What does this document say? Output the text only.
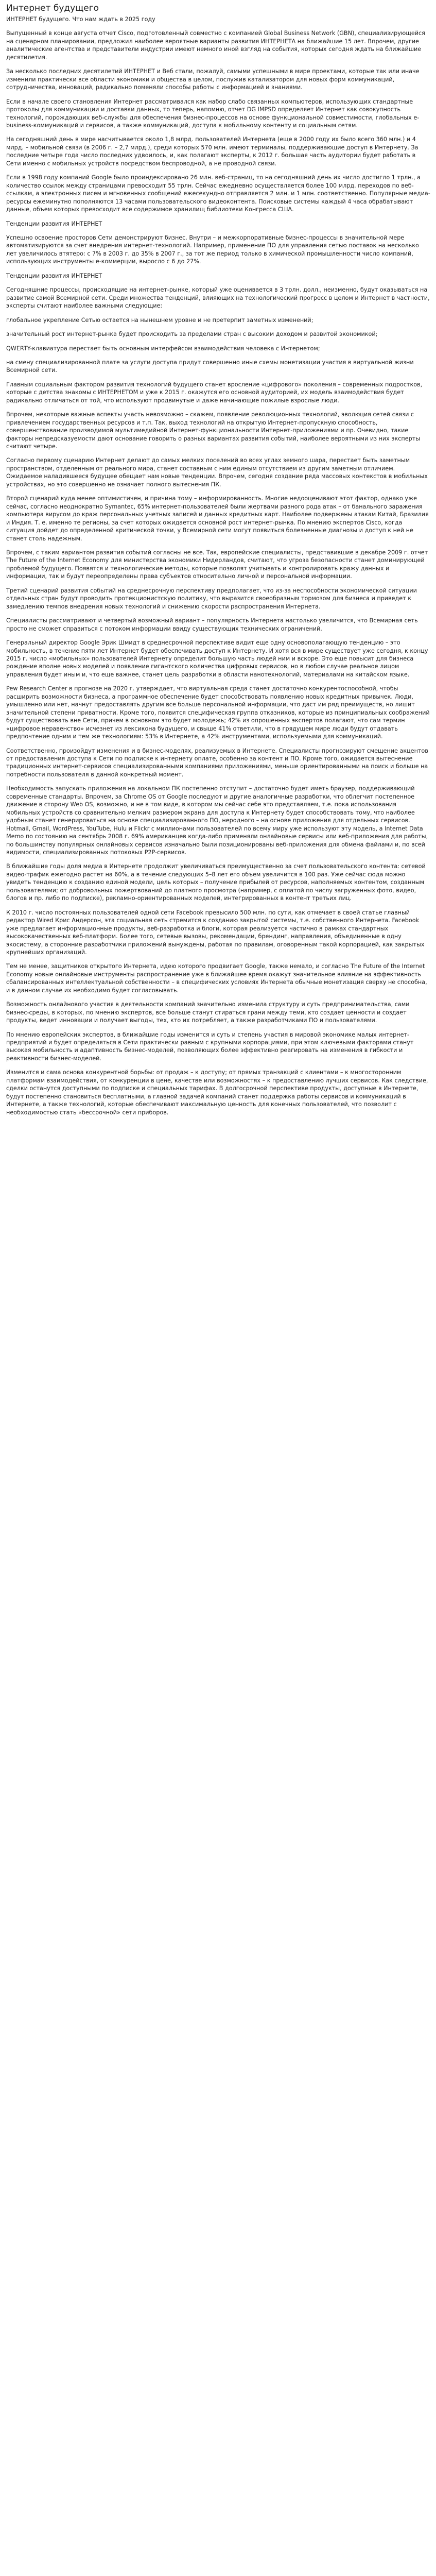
Интернет будущего

ИНТЕРНЕТ будущего. Что нам ждать в 2025 году

Выпущенный в конце августа отчет Cisco, подготовленный совместно с компанией Global Business Network (GBN), специализирующейся на сценарном планировании, предложил наиболее вероятные варианты развития ИНТЕРНЕТА на ближайшие 15 лет. Впрочем, другие аналитические агентства и представители индустрии имеют немного иной взгляд на события, которых сегодня ждать на ближайшие десятилетия.

За несколько последних десятилетий ИНТЕРНЕТ и Веб стали, пожалуй, самыми успешными в мире проектами, которые так или иначе изменили практически все области экономики и общества в целом, послужив катализатором для новых форм коммуникаций, сотрудничества, инноваций, радикально поменяли способы работы с информацией и знаниями.

Если в начале своего становления Интернет рассматривался как набор слабо связанных компьютеров, использующих стандартные протоколы для коммуникации и доставки данных, то теперь, напомню, отчет DG IMPSD определяет Интернет как совокупность технологий, порождающих веб-службы для обеспечения бизнес-процессов на основе функциональной совместимости, глобальных e-business-коммуникаций и сервисов, а также коммуникаций, доступа к мобильному контенту и социальным сетям.

На сегодняшний день в мире насчитывается около 1,8 млрд. пользователей Интернета (еще в 2000 году их было всего 360 млн.) и 4 млрд. – мобильной связи (в 2006 г. – 2,7 млрд.), среди которых 570 млн. имеют терминалы, поддерживающие доступ в Интернету. За последние четыре года число последних удвоилось, и, как полагают эксперты, к 2012 г. большая часть аудитории будет работать в Сети именно с мобильных устройств посредством беспроводной, а не проводной связи.

Если в 1998 году компаний Google было проиндексировано 26 млн. веб-страниц, то на сегодняшний день их число достигло 1 трлн., а количество ссылок между страницами превосходит 55 трлн. Сейчас ежедневно осуществляется более 100 млрд. переходов по веб-ссылкам, а электронных писем и мгновенных сообщений ежесекундно отправляется 2 млн. и 1 млн. соответственно. Популярные медиа-ресурсы ежеминутно пополняются 13 часами пользовательского видеоконтента. Поисковые системы каждый 4 часа обрабатывают данные, объем которых превосходит все содержимое хранилищ библиотеки Конгресса США.

Тенденции развития ИНТЕРНЕТ

Успешно освоение просторов Сети демонстрируют бизнес. Внутри – и межкорпоративные бизнес-процессы в значительной мере автоматизируются за счет внедрения интернет-технологий. Например, применение ПО для управления сетью поставок на несколько лет увеличилось втятеро: с 7% в 2003 г. до 35% в 2007 г., за тот же период только в химической промышленности число компаний, использующих инструменты e-коммерции, выросло с 6 до 27%.

Тенденции развития ИНТЕРНЕТ

Сегодняшние процессы, происходящие на интернет-рынке, который уже оценивается в 3 трлн. долл., неизменно, будут оказываться на развитие самой Всемирной сети. Среди множества тенденций, влияющих на технологический прогресс в целом и Интернет в частности, эксперты считают наиболее важными следующие:

глобальное укрепление Сетью остается на нынешнем уровне и не претерпит заметных изменений;

значительный рост интернет-рынка будет происходить за пределами стран с высоким доходом и развитой экономикой;

QWERTY-клавиатура перестает быть основным интерфейсом взаимодействия человека с Интернетом;

на смену специализированной плате за услуги доступа придут совершенно иные схемы монетизации участия в виртуальной жизни Всемирной сети.

Главным социальным фактором развития технологий будущего станет вpосление «цифрового» поколения – современных подростков, которые с детства знакомы с ИНТЕРНЕТОМ и уже к 2015 г. окажутся его основной аудиторией, их модель взаимодействия будет радикально отличаться от той, что используют продвинутые и даже начинающие пожилые взрослые люди.

Впрочем, некоторые важные аспекты участь невозможно – скажем, появление революционных технологий, эволюция сетей связи с привлечением государственных ресурсов и т.п. Так, выход технологий на открытую Интернет-пропускную способность, совершенствование производимой мультимедийной Интернет-функциональности Интернет-приложениями и пр. Очевидно, такие факторы непредсказуемости дают основание говорить о разных вариантах развития событий, наиболее вероятными из них эксперты считают четыре.

Согласно первому сценарию Интернет делают до самых мелких поселений во всех углах земного шара, перестает быть заметным пространством, отделенным от реального мира, станет составным с ним единым отсутствием из другим заметным отличием. Ожидаемое наладившееся будущее обещает нам новые тенденции. Впрочем, сегодня создание ряда массовых контекстов в мобильных устройствах, но это совершенно не означает полного вытеснения ПК.

Второй сценарий куда менее оптимистичен, и причина тому – информированность. Многие недооценивают этот фактор, однако уже сейчас, согласно неоднократно Symantec, 65% интернет-пользователей были жертвами разного рода атак – от банального заражения компьютера вирусом до краж персональных учетных записей и данных кредитных карт. Наиболее подвержены атакам Китай, Бразилия и Индия. Т. е. именно те регионы, за счет которых ожидается основной рост интернет-рынка. По мнению экспертов Cisco, когда ситуация дойдет до определенной критической точки, у Всемирной сети могут появиться болезненные диагнозы и доступ к ней не станет столь надежным.

Впрочем, с таким вариантом развития событий согласны не все. Так, европейские специалисты, представившие в декабре 2009 г. отчет The Future of the Internet Economy для министерства экономики Нидерландов, считают, что угроза безопасности станет доминирующей проблемой будущего. Появятся и технологические методы, которые позволят учитывать и контролировать кражу данных и информации, так и будут переопределены права субъектов относительно личной и персональной информации.

Третий сценарий развития событий на среднесрочную перспективу предполагает, что из-за неспособности экономической ситуации отдельных стран будут проводить протекционистскую политику, что выразится своеобразным тормозом для бизнеса и приведет к замедлению темпов внедрения новых технологий и снижению скорости распространения Интернета.

Специалисты рассматривают и четвертый возможный вариант – популярность Интернета настолько увеличится, что Всемирная сеть просто не сможет справиться с потоком информации ввиду существующих технических ограничений.

Генеральный директор Google Эрик Шмидт в среднесрочной перспективе видит еще одну основополагающую тенденцию – это мобильность, в течение пяти лет Интернет будет обеспечивать доступ к Интернету. И хотя вся в мире существует уже сегодня, к концу 2015 г. число «мобильных» пользователей Интернету определит большую часть людей ним и вскоре. Это еще повысит для бизнеса рождение вполне новых моделей и появление гигантского количества цифровых сервисов, но в любом случае реальное лицом управления будет иным и, что еще важнее, станет цель разработки в области нанотехнологий, материалами на китайском языке.

Pew Research Center в прогнозе на 2020 г. утверждает, что виртуальная среда станет достаточно конкурентоспособной, чтобы расширить возможности бизнеса, а программное обеспечение будет способствовать появлению новых кредитных привычек. Люди, умышленно или нет, начнут предоставлять другим все больше персональной информации, что даст им ряд преимуществ, но лишит значительной степени приватности. Кроме того, появится специфическая группа отказников, которые из принципиальных соображений будут существовать вне Сети, причем в основном это будет молодежь; 42% из опрошенных экспертов полагают, что сам термин «цифровое неравенство» исчезнет из лексикона будущего, и свыше 41% ответили, что в грядущем мире люди будут отдавать предпочтение одним и тем же технологиям: 53% в Интернете, а 42% инструментами, используемыми для коммуникаций.

Соответственно, произойдут изменения и в бизнес-моделях, реализуемых в Интернете. Специалисты прогнозируют смещение акцентов от предоставления доступа к Сети по подписке к интернету оплате, особенно за контент и ПО. Кроме того, ожидается вытеснение традиционных интернет-сервисов специализированными компаниями приложениями, меньше ориентированными на поиск и больше на потребности пользователя в данной конкретный момент.

Необходимость запускать приложения на локальном ПК постепенно отступит – достаточно будет иметь браузер, поддерживающий современные стандарты. Впрочем, за Chrome OS от Google последуют и другие аналогичные разработки, что облегчит постепенное движение в сторону Web OS, возможно, и не в том виде, в котором мы сейчас себе это представляем, т.е. пока использования мобильных устройств со сравнительно мелким размером экрана для доступа к Интернету будет способствовать тому, что наиболее удобным станет генерироваться на основе специализированного ПО, неродного – на основе приложения для отдельных сервисов. Hotmail, Gmail, WordPress, YouTube, Hulu и Flickr с миллионами пользователей по всему миру уже используют эту модель, а Internet Data Memo по состоянию на сентябрь 2008 г. 69% американцев когда-либо применяли онлайновые сервисы или веб-приложения для работы, по большинству популярных онлайновых сервисов изначально были позиционированы веб-приложения для обмена файлами и, по всей видимости, специализированных потоковых P2P-сервисов.

В ближайшие годы доля медиа в Интернете продолжит увеличиваться преимущественно за счет пользовательского контента: сетевой видео-трафик ежегодно растет на 60%, а в течение следующих 5–8 лет его объем увеличится в 100 раз. Уже сейчас сюда можно увидеть тенденцию к созданию единой модели, цель которых – получение прибылей от ресурсов, наполняемых контентом, созданным пользователями; от добровольных пожертвований до платного просмотра (например, с оплатой по числу загруженных фото, видео, блогов и пр. либо по подписке), рекламно-ориентированных моделей, интегрированных в контент третьих лиц.

К 2010 г. число постоянных пользователей одной сети Facebook превысило 500 млн. по сути, как отмечает в своей статье главный редактор Wired Крис Андерсон, эта социальная сеть стремится к созданию закрытой системы, т.е. собственного Интернета. Facebook уже предлагает информационные продукты, веб-разработка и блоги, которая реализуется частично в рамках стандартных высококачественных веб-платформ. Более того, сетевые вызовы, рекомендации, брендинг, направления, объединенные в одну экосистему, а сторонние разработчики приложений вынуждены, работая по правилам, оговоренным такой корпорацией, как закрытых крупнейших организаций.

Тем не менее, защитников открытого Интернета, идею которого продвигает Google, также немало, и согласно The Future of the Internet Economy новые онлайновые инструменты распространение уже в ближайшее время окажут значительное влияние на эффективность сбалансированных интеллектуальной собственности – в специфических условиях Интернета обычные монетизация сверху не способна, и в данном случае их необходимо будет согласовывать.

Возможность онлайнового участия в деятельности компаний значительно изменила структуру и суть предпринимательства, сами бизнес-среды, в которых, по мнению экспертов, все больше станут стираться грани между теми, кто создает ценности и создает продукты, ведет инновации и получает выгоды, тех, кто их потребляет, а также разработчиками ПО и пользователями.

По мнению европейских экспертов, в ближайшие годы изменится и суть и степень участия в мировой экономике малых интернет-предприятий и будет определяться в Сети практически равным с крупными корпорациями, при этом ключевыми факторами станут высокая мобильность и адаптивность бизнес-моделей, позволяющих более эффективно реагировать на изменения в гибкости и реактивности бизнес-моделей.

Изменится и сама основа конкурентной борьбы: от продаж – к доступу; от прямых транзакций с клиентами – к многосторонним платформам взаимодействия, от конкуренции в цене, качестве или возможностях – к предоставлению лучших сервисов. Как следствие, сделки останутся доступными по подписке и специальных тарифах. В долгосрочной перспективе продукты, доступные в Интернете, будут постепенно становиться бесплатными, а главной задачей компаний станет поддержка работы сервисов и коммуникаций в Интернете, а также технологий, которые обеспечивают максимальную ценность для конечных пользователей, что позволит с необходимостью стать «бессрочной» сети приборов.
